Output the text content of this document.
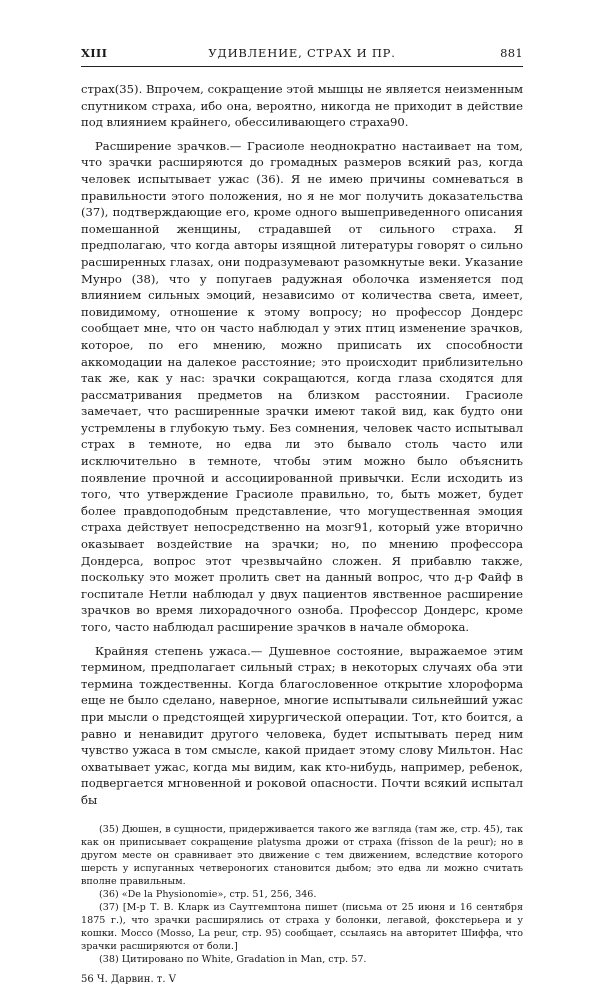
XIII	УДИВЛЕНИЕ, СТРАХ И ПР.	881

страх(35). Впрочем, сокращение этой мышцы не является неизменным спутником страха, ибо она, вероятно, никогда не приходит в действие под влиянием крайнего, обессиливающего страха90.

Расширение зрачков.— Грасиоле неоднократно настаивает на том, что зрачки расширяются до громадных размеров всякий раз, когда человек испытывает ужас (36). Я не имею причины сомневаться в правильности этого положения, но я не мог получить доказательства (37), подтверждающие его, кроме одного вышеприведенного описания помешанной женщины, страдавшей от сильного страха. Я предполагаю, что когда авторы изящной литературы говорят о сильно расширенных глазах, они подразумевают разомкнутые веки. Указание Мунро (38), что у попугаев радужная оболочка изменяется под влиянием сильных эмоций, независимо от количества света, имеет, повидимому, отношение к этому вопросу; но профессор Дондерс сообщает мне, что он часто наблюдал у этих птиц изменение зрачков, которое, по его мнению, можно приписать их способности аккомодации на далекое расстояние; это происходит приблизительно так же, как у нас: зрачки сокращаются, когда глаза сходятся для рассматривания предметов на близком расстоянии. Грасиоле замечает, что расширенные зрачки имеют такой вид, как будто они устремлены в глубокую тьму. Без сомнения, человек часто испытывал страх в темноте, но едва ли это бывало столь часто или исключительно в темноте, чтобы этим можно было объяснить появление прочной и ассоциированной привычки. Если исходить из того, что утверждение Грасиоле правильно, то, быть может, будет более правдоподобным представление, что могущественная эмоция страха действует непосредственно на мозг91, который уже вторично оказывает воздействие на зрачки; но, по мнению профессора Дондерса, вопрос этот чрезвычайно сложен. Я прибавлю также, поскольку это может пролить свет на данный вопрос, что д-р Файф в госпитале Нетли наблюдал у двух пациентов явственное расширение зрачков во время лихорадочного озноба. Профессор Дондерс, кроме того, часто наблюдал расширение зрачков в начале обморока.

Крайняя степень ужаса.— Душевное состояние, выражаемое этим термином, предполагает сильный страх; в некоторых случаях оба эти термина тождественны. Когда благословенное открытие хлороформа еще не было сделано, наверное, многие испытывали сильнейший ужас при мысли о предстоящей хирургической операции. Тот, кто боится, а равно и ненавидит другого человека, будет испытывать перед ним чувство ужаса в том смысле, какой придает этому слову Мильтон. Нас охватывает ужас, когда мы видим, как кто-нибудь, например, ребенок, подвергается мгновенной и роковой опасности. Почти всякий испытал бы

(35) Дюшен, в сущности, придерживается такого же взгляда (там же, стр. 45), так как он приписывает сокращение platysma дрожи от страха (frisson de la peur); но в другом месте он сравнивает это движение с тем движением, вследствие которого шерсть у испуганных четвероногих становится дыбом; это едва ли можно считать вполне правильным.

(36) «De la Physionomie», стр. 51, 256, 346.

(37) [М-р Т. В. Кларк из Саутгемптона пишет (письма от 25 июня и 16 сентября 1875 г.), что зрачки расширялись от страха у болонки, легавой, фокстерьера и у кошки. Моссо (Mosso, La peur, стр. 95) сообщает, ссылаясь на авторитет Шиффа, что зрачки расширяются от боли.]

(38) Цитировано по White, Gradation in Man, стр. 57.

56 Ч. Дарвин. т. V
